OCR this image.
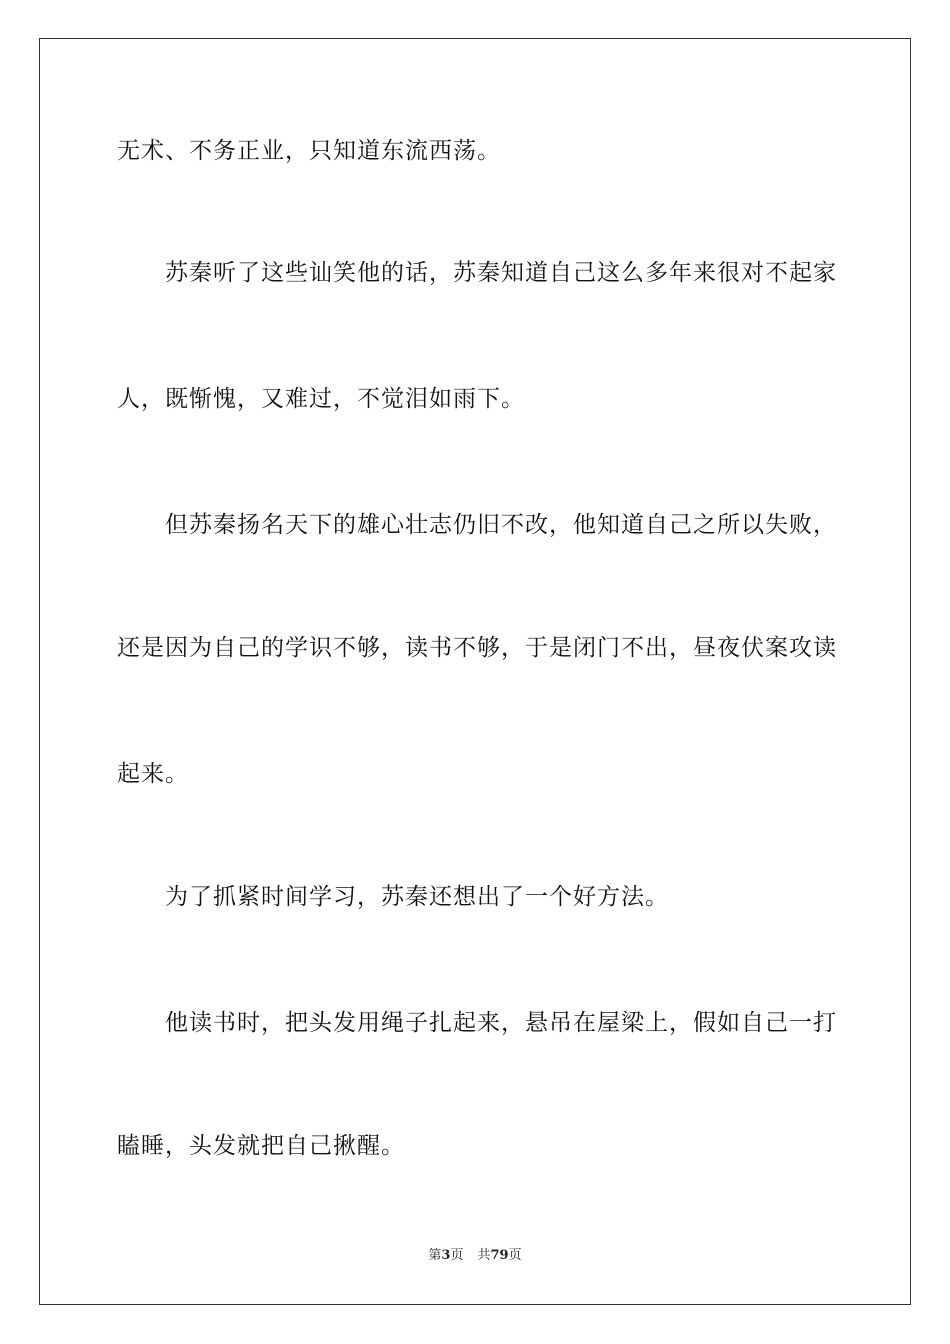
无术、不务正业，只知道东流西荡。

苏秦听了这些讪笑他的话，苏秦知道自己这么多年来很对不起家

人，既惭愧，又难过，不觉泪如雨下。

但苏秦扬名天下的雄心壮志仍旧不改，他知道自己之所以失败，

还是因为自己的学识不够，读书不够，于是闭门不出，昼夜伏案攻读

起来。

为了抓紧时间学习，苏秦还想出了一个好方法。

他读书时，把头发用绳子扎起来，悬吊在屋梁上，假如自己一打

瞌睡，头发就把自己揪醒。

第3页 共79页
